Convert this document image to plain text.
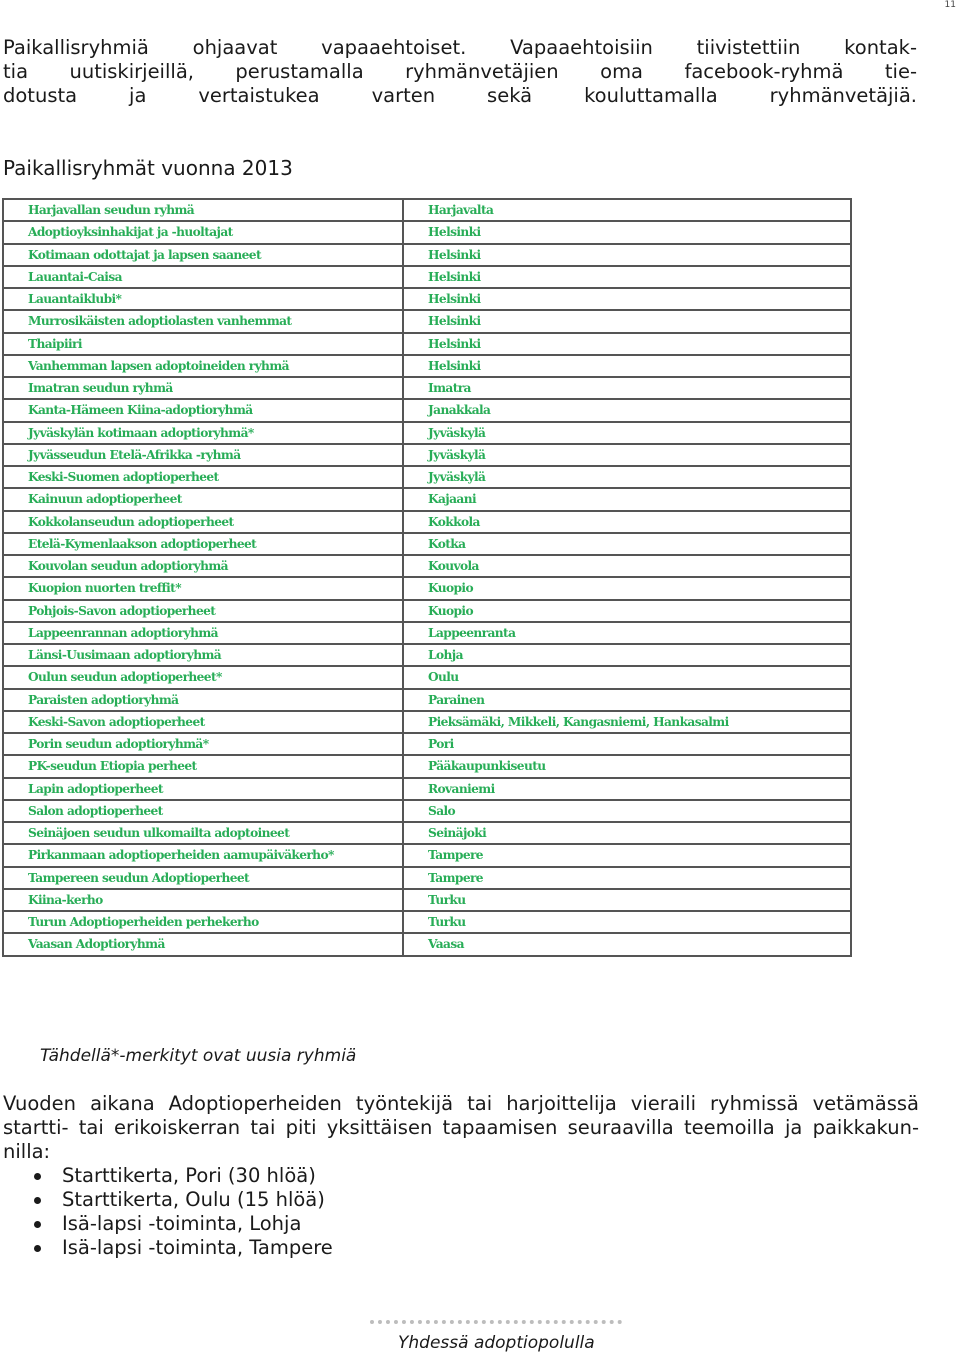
11

Paikallisryhmiä ohjaavat vapaaehtoiset. Vapaaehtoisiin tiivistettiin kontak-
tia uutiskirjeillä, perustamalla ryhmänvetäjien oma facebook-ryhmä tie-
dotusta ja vertaistukea varten sekä kouluttamalla ryhmänvetäjiä.

Paikallisryhmät vuonna 2013
Harjavallan seudun ryhmä	Harjavalta
Adoptioyksinhakijat ja -huoltajat	Helsinki
Kotimaan odottajat ja lapsen saaneet	Helsinki
Lauantai-Caisa	Helsinki
Lauantaiklubi*	Helsinki
Murrosikäisten adoptiolasten vanhemmat	Helsinki
Thaipiiri	Helsinki
Vanhemman lapsen adoptoineiden ryhmä	Helsinki
Imatran seudun ryhmä	Imatra
Kanta-Hämeen Kiina-adoptioryhmä	Janakkala
Jyväskylän kotimaan adoptioryhmä*	Jyväskylä
Jyvässeudun Etelä-Afrikka -ryhmä	Jyväskylä
Keski-Suomen adoptioperheet	Jyväskylä
Kainuun adoptioperheet	Kajaani
Kokkolanseudun adoptioperheet	Kokkola
Etelä-Kymenlaakson adoptioperheet	Kotka
Kouvolan seudun adoptioryhmä	Kouvola
Kuopion nuorten treffit*	Kuopio
Pohjois-Savon adoptioperheet	Kuopio
Lappeenrannan adoptioryhmä	Lappeenranta
Länsi-Uusimaan adoptioryhmä	Lohja
Oulun seudun adoptioperheet*	Oulu
Paraisten adoptioryhmä	Parainen
Keski-Savon adoptioperheet	Pieksämäki, Mikkeli, Kangasniemi, Hankasalmi
Porin seudun adoptioryhmä*	Pori
PK-seudun Etiopia perheet	Pääkaupunkiseutu
Lapin adoptioperheet	Rovaniemi
Salon adoptioperheet	Salo
Seinäjoen seudun ulkomailta adoptoineet	Seinäjoki
Pirkanmaan adoptioperheiden aamupäiväkerho*	Tampere
Tampereen seudun Adoptioperheet	Tampere
Kiina-kerho	Turku
Turun Adoptioperheiden perhekerho	Turku
Vaasan Adoptioryhmä	Vaasa

Tähdellä*-merkityt ovat uusia ryhmiä

Vuoden aikana Adoptioperheiden työntekijä tai harjoittelija vieraili ryhmissä vetämässä
startti- tai erikoiskerran tai piti yksittäisen tapaamisen seuraavilla teemoilla ja paikkakun-
nilla:

Starttikerta, Pori (30 hlöä)
Starttikerta, Oulu (15 hlöä)
Isä-lapsi -toiminta, Lohja
Isä-lapsi -toiminta, Tampere
Yhdessä adoptiopolulla
